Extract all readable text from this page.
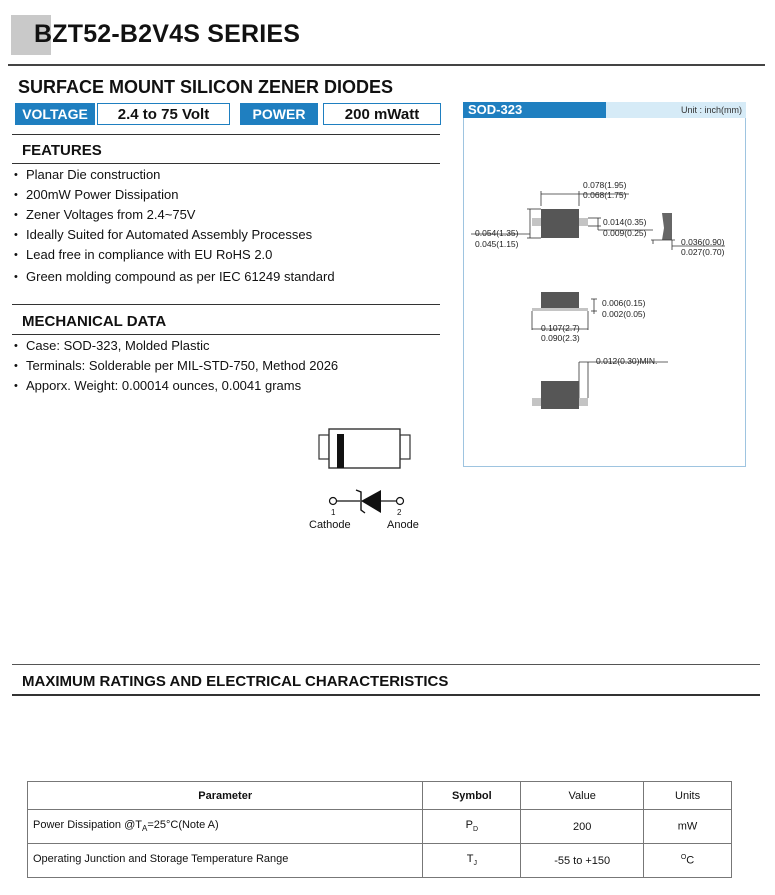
BZT52-B2V4S SERIES
SURFACE MOUNT SILICON ZENER DIODES
VOLTAGE	2.4 to 75 Volt	POWER	200 mWatt
FEATURES
• Planar Die construction
• 200mW Power Dissipation
• Zener Voltages from 2.4~75V
• Ideally Suited for Automated Assembly Processes
• Lead free in compliance with EU RoHS 2.0
• Green molding compound as per IEC 61249 standard
MECHANICAL DATA
• Case: SOD-323, Molded Plastic
• Terminals: Solderable per MIL-STD-750, Method 2026
• Apporx. Weight: 0.00014 ounces, 0.0041 grams
SOD-323	Unit : inch(mm)
0.078(1.95)
0.068(1.75)
0.014(0.35)
0.009(0.25)
0.054(1.35)
0.045(1.15)	0.036(0.90)
0.027(0.70)
0.006(0.15)
0.002(0.05)
0.107(2.7)
0.090(2.3)
0.012(0.30)MIN.
1	2
Cathode	Anode
MAXIMUM RATINGS AND ELECTRICAL CHARACTERISTICS
Parameter	Symbol	Value	Units
Power Dissipation $@T_A=25^\circ C(Note$ A)	$P_D$	200	mW
Operating Junction and Storage Temperature Range	$T_J$	-55 to +150	$^O$C
